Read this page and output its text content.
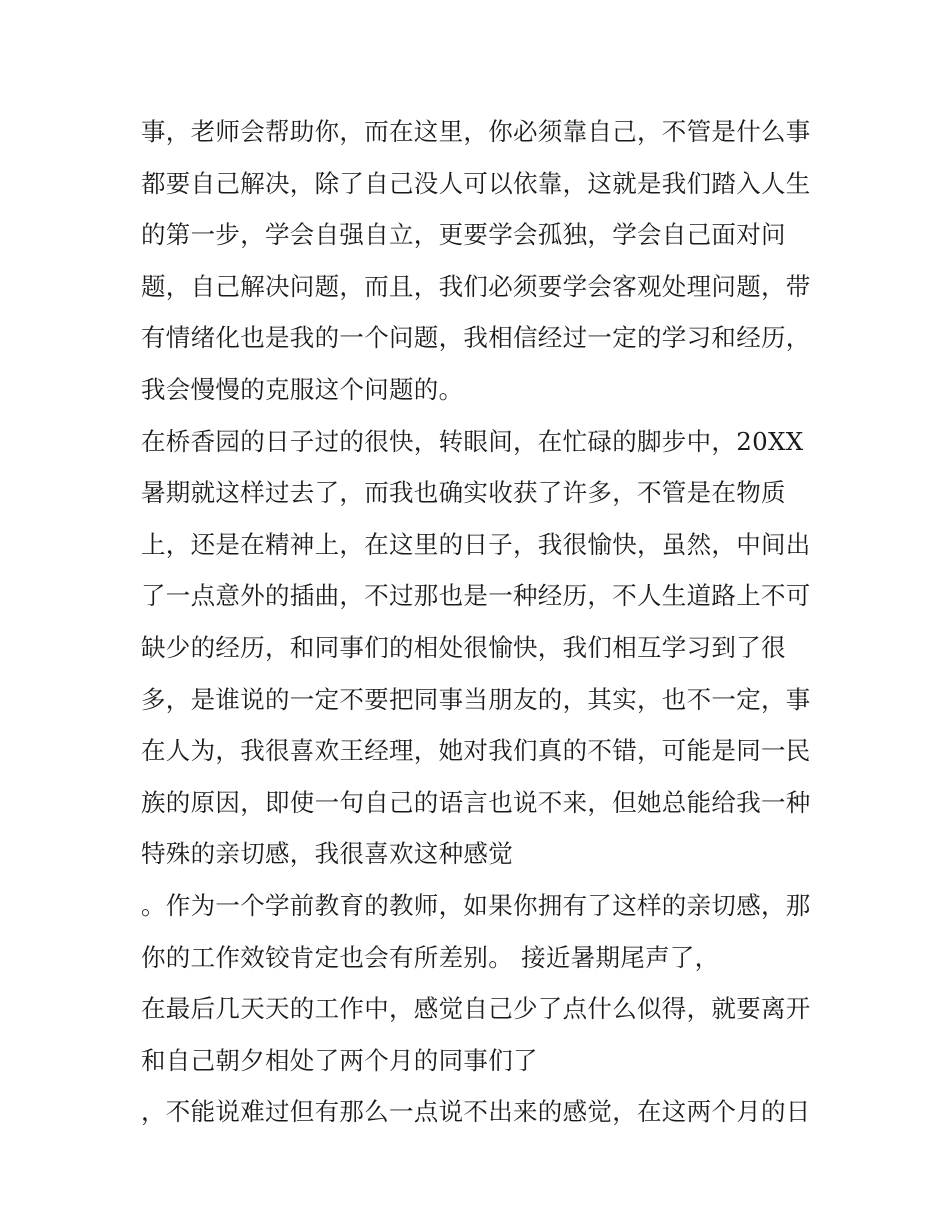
事，老师会帮助你，而在这里，你必须靠自己，不管是什么事
都要自己解决，除了自己没人可以依靠，这就是我们踏入人生
的第一步，学会自强自立，更要学会孤独，学会自己面对问
题，自己解决问题，而且，我们必须要学会客观处理问题，带
有情绪化也是我的一个问题，我相信经过一定的学习和经历，
我会慢慢的克服这个问题的。
在桥香园的日子过的很快，转眼间，在忙碌的脚步中，20XX
暑期就这样过去了，而我也确实收获了许多，不管是在物质
上，还是在精神上，在这里的日子，我很愉快，虽然，中间出
了一点意外的插曲，不过那也是一种经历，不人生道路上不可
缺少的经历，和同事们的相处很愉快，我们相互学习到了很
多，是谁说的一定不要把同事当朋友的，其实，也不一定，事
在人为，我很喜欢王经理，她对我们真的不错，可能是同一民
族的原因，即使一句自己的语言也说不来，但她总能给我一种
特殊的亲切感，我很喜欢这种感觉
。作为一个学前教育的教师，如果你拥有了这样的亲切感，那
你的工作效铰肯定也会有所差别。 接近暑期尾声了，
在最后几天天的工作中，感觉自己少了点什么似得，就要离开
和自己朝夕相处了两个月的同事们了
，不能说难过但有那么一点说不出来的感觉，在这两个月的日
